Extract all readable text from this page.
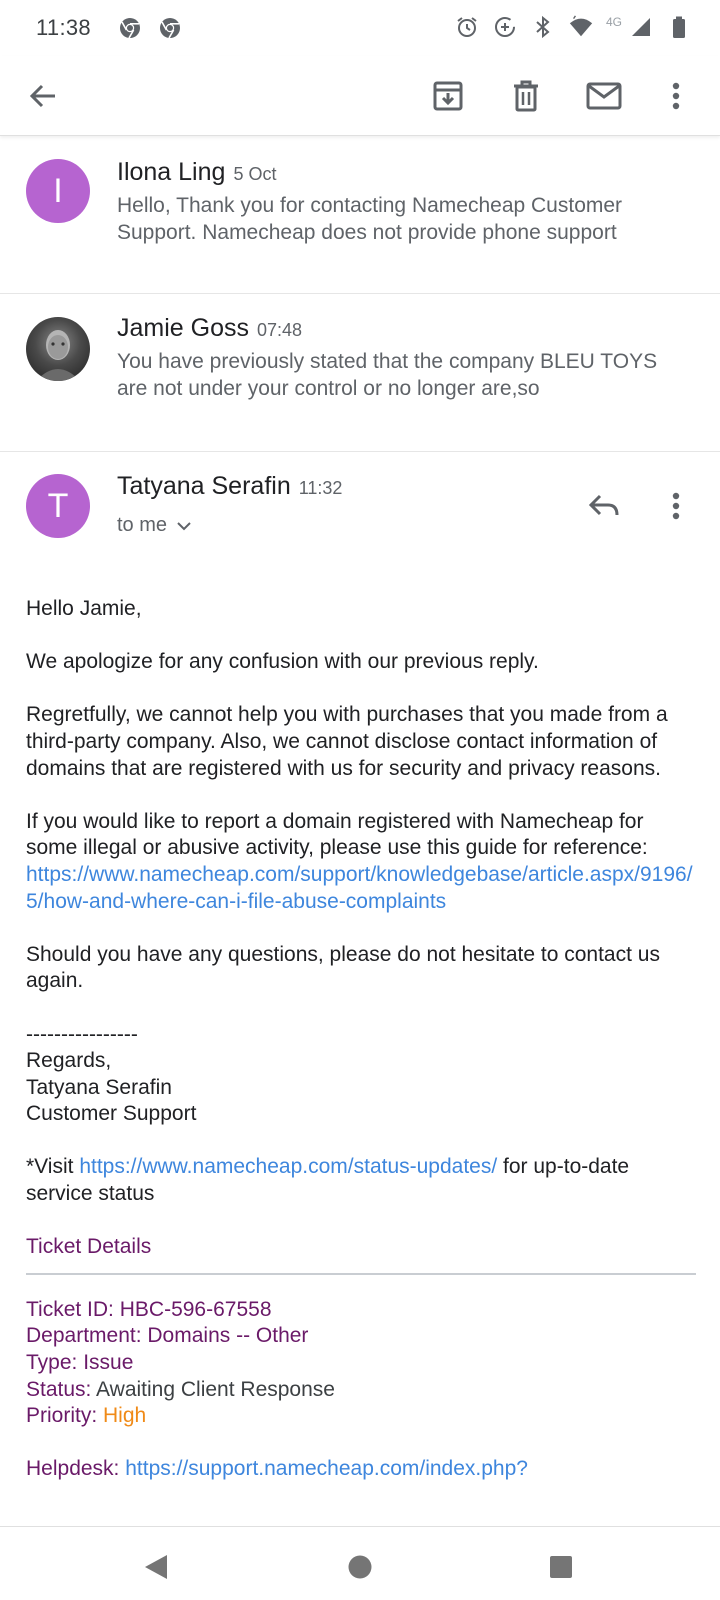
11:38	4G
I	Ilona Ling 5 Oct
Hello, Thank you for contacting Namecheap Customer Support. Namecheap does not provide phone support
Jamie Goss 07:48
You have previously stated that the company BLEU TOYS are not under your control or no longer are,so
T
Tatyana Serafin 11:32
to me

Hello Jamie,

We apologize for any confusion with our previous reply.

Regretfully, we cannot help you with purchases that you made from a third-party company. Also, we cannot disclose contact information of domains that are registered with us for security and privacy reasons.

If you would like to report a domain registered with Namecheap for some illegal or abusive activity, please use this guide for reference:
https://www.namecheap.com/support/knowledgebase/article.aspx/9196/5/how-and-where-can-i-file-abuse-complaints

Should you have any questions, please do not hesitate to contact us again.

----------------
Regards,
Tatyana Serafin
Customer Support

*Visit https://www.namecheap.com/status-updates/ for up-to-date service status

Ticket Details
Ticket ID: HBC-596-67558
Department: Domains -- Other
Type: Issue
Status: Awaiting Client Response
Priority: High
Helpdesk: https://support.namecheap.com/index.php?
